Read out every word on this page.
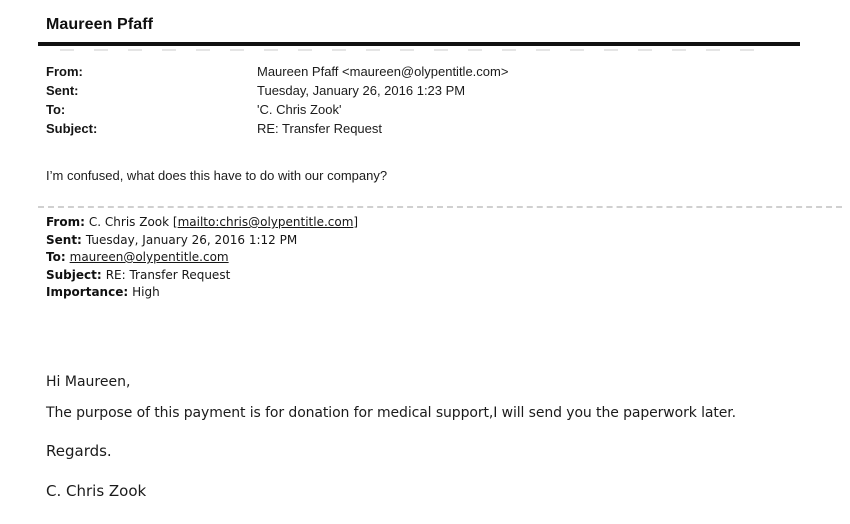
Maureen Pfaff
From:	Maureen Pfaff <maureen@olypentitle.com>
Sent:	Tuesday, January 26, 2016 1:23 PM
To:	'C. Chris Zook'
Subject:	RE: Transfer Request
I’m confused, what does this have to do with our company?
From: C. Chris Zook [mailto:chris@olypentitle.com]
Sent: Tuesday, January 26, 2016 1:12 PM
To: maureen@olypentitle.com
Subject: RE: Transfer Request
Importance: High
Hi Maureen,
The purpose of this payment is for donation for medical support,I will send you the paperwork later.
Regards.
C. Chris Zook
